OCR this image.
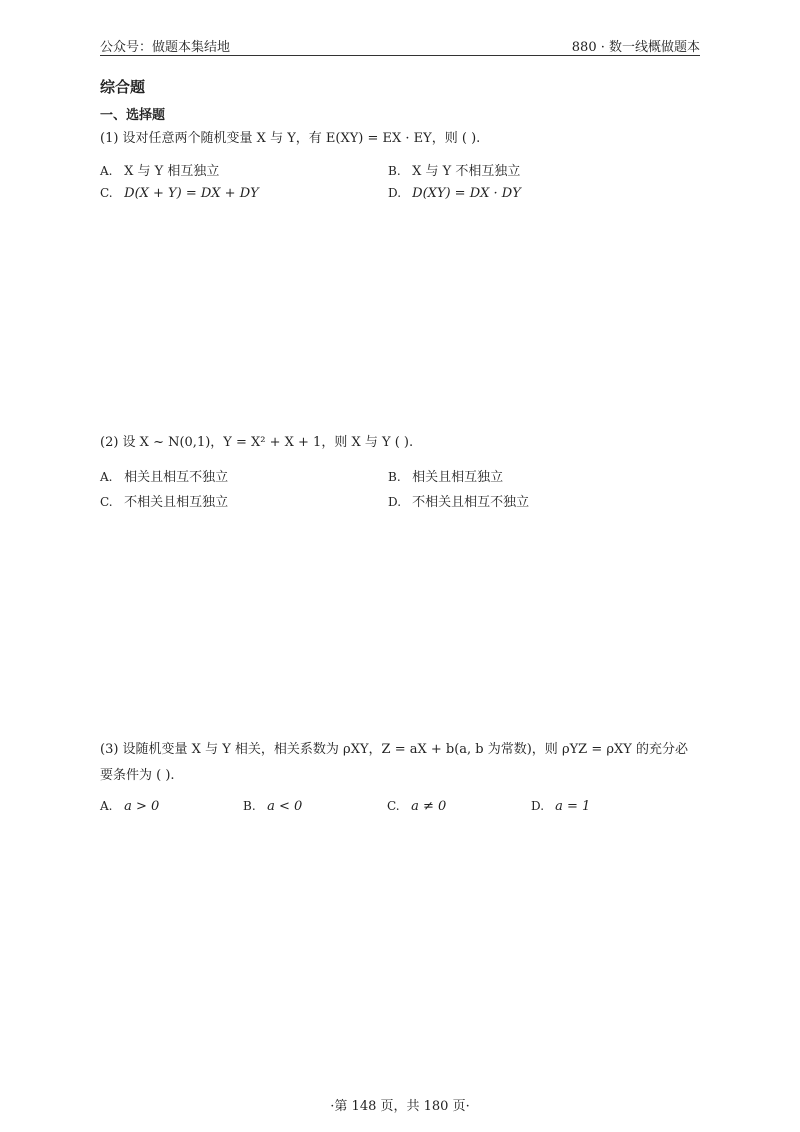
公众号：做题本集结地	880 · 数一线概做题本
综合题
一、选择题
(1) 设对任意两个随机变量 X 与 Y，有 E(XY) = EX · EY，则 ( ).
A. X 与 Y 相互独立	B. X 与 Y 不相互独立
C. D(X + Y) = DX + DY	D. D(XY) = DX · DY
(2) 设 X ~ N(0,1)，Y = X² + X + 1，则 X 与 Y ( ).
A. 相关且相互不独立	B. 相关且相互独立
C. 不相关且相互独立	D. 不相关且相互不独立
(3) 设随机变量 X 与 Y 相关，相关系数为 ρXY，Z = aX + b(a, b 为常数)，则 ρYZ = ρXY 的充分必要条件为 ( ).
A. a > 0	B. a < 0	C. a ≠ 0	D. a = 1
·第 148 页，共 180 页·
